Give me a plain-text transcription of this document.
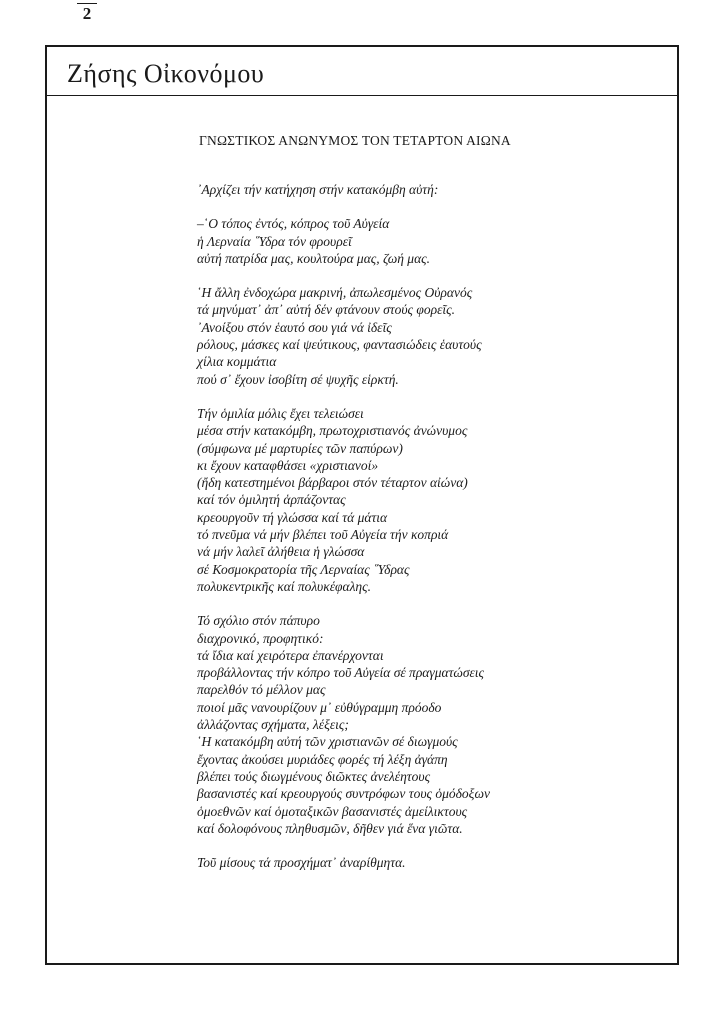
2
Ζήσης Οἰκονόμου
ΓΝΩΣΤΙΚΟΣ ΑΝΩΝΥΜΟΣ ΤΟΝ ΤΕΤΑΡΤΟΝ ΑΙΩΝΑ
᾿Αρχίζει τήν κατήχηση στήν κατακόμβη αὐτή:
–῾Ο τόπος ἐντός, κόπρος τοῦ Αὐγεία
ἡ Λερναία ῞Υδρα τόν φρουρεῖ
αὐτή πατρίδα μας, κουλτούρα μας, ζωή μας.
῾Η ἄλλη ἐνδοχώρα μακρινή, ἀπωλεσμένος Οὐρανός
τά μηνύματ᾿ ἀπ᾿ αὐτή δέν φτάνουν στούς φορεῖς.
᾿Ανοίξου στόν ἑαυτό σου γιά νά ἰδεῖς
ρόλους, μάσκες καί ψεύτικους, φαντασιώδεις ἑαυτούς
χίλια κομμάτια
πού σ᾿ ἔχουν ἰσοβίτη σέ ψυχῆς εἱρκτή.
Τήν ὁμιλία μόλις ἔχει τελειώσει
μέσα στήν κατακόμβη, πρωτοχριστιανός ἀνώνυμος
(σύμφωνα μέ μαρτυρίες τῶν παπύρων)
κι ἔχουν καταφθάσει «χριστιανοί»
(ἤδη κατεστημένοι βάρβαροι στόν τέταρτον αἰώνα)
καί τόν ὁμιλητή ἁρπάζοντας
κρεουργοῦν τή γλώσσα καί τά μάτια
τό πνεῦμα νά μήν βλέπει τοῦ Αὐγεία τήν κοπριά
νά μήν λαλεῖ ἀλήθεια ἡ γλώσσα
σέ Κοσμοκρατορία τῆς Λερναίας ῞Υδρας
πολυκεντρικῆς καί πολυκέφαλης.
Τό σχόλιο στόν πάπυρο
διαχρονικό, προφητικό:
τά ἴδια καί χειρότερα ἐπανέρχονται
προβάλλοντας τήν κόπρο τοῦ Αὐγεία σέ πραγματώσεις
παρελθόν τό μέλλον μας
ποιοί μᾶς νανουρίζουν μ᾿ εὐθύγραμμη πρόοδο
ἀλλάζοντας σχήματα, λέξεις;
῾Η κατακόμβη αὐτή τῶν χριστιανῶν σέ διωγμούς
ἔχοντας ἀκούσει μυριάδες φορές τή λέξη ἀγάπη
βλέπει τούς διωγμένους διῶκτες ἀνελέητους
βασανιστές καί κρεουργούς συντρόφων τους ὁμόδοξων
ὁμοεθνῶν καί ὁμοταξικῶν βασανιστές ἀμείλικτους
καί δολοφόνους πληθυσμῶν, δῆθεν γιά ἕνα γιῶτα.
Τοῦ μίσους τά προσχήματ᾿ ἀναρίθμητα.
